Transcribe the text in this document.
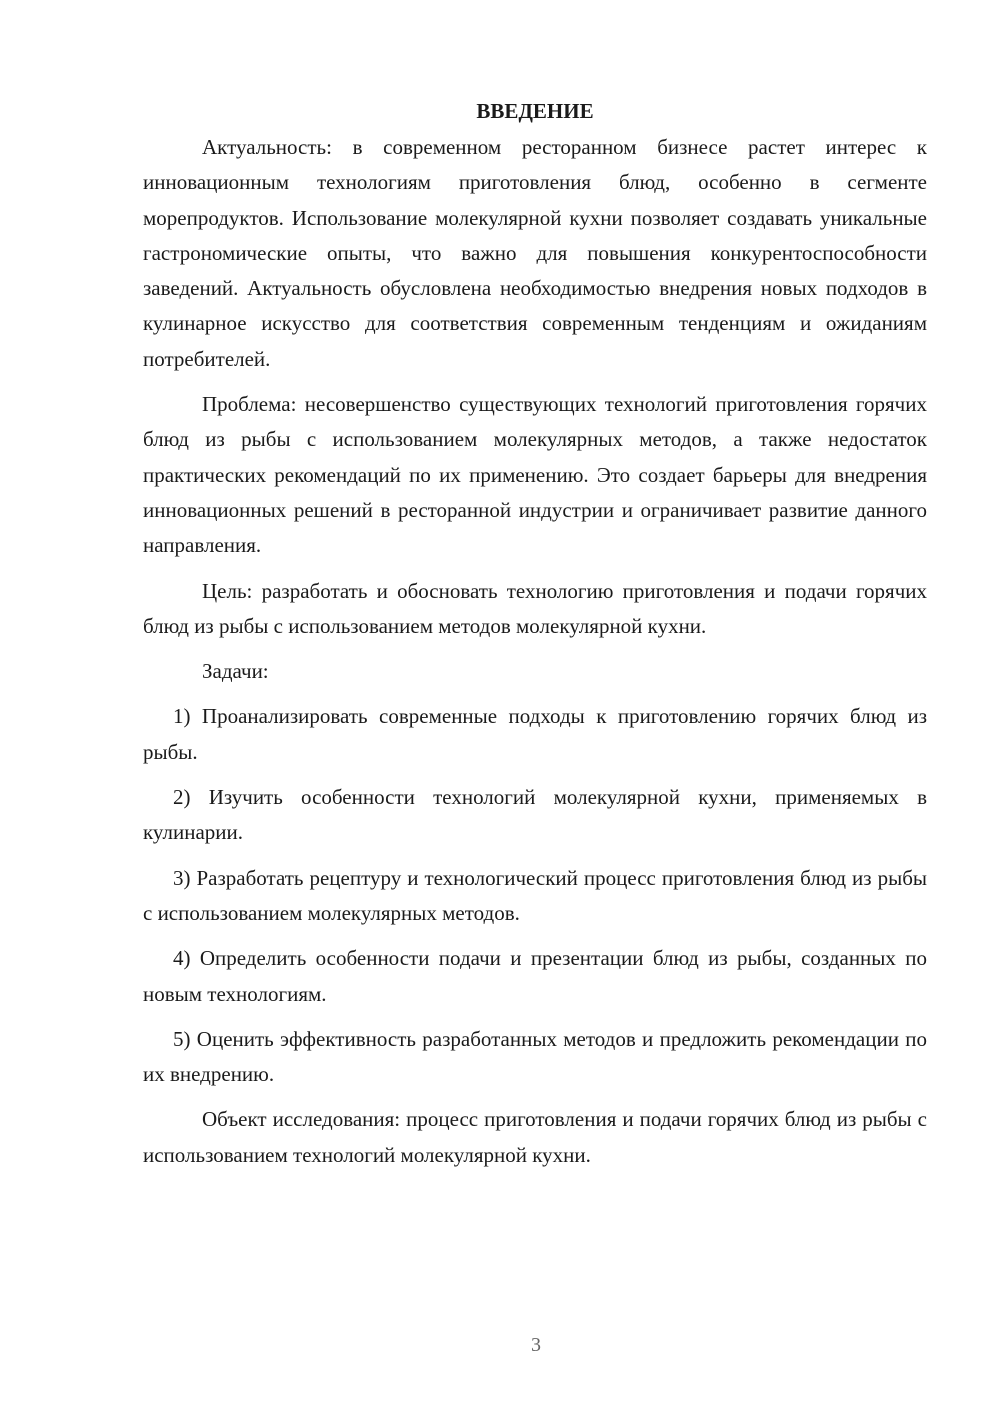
ВВЕДЕНИЕ

Актуальность: в современном ресторанном бизнесе растет интерес к инновационным технологиям приготовления блюд, особенно в сегменте морепродуктов. Использование молекулярной кухни позволяет создавать уникальные гастрономические опыты, что важно для повышения конкурентоспособности заведений. Актуальность обусловлена необходимостью внедрения новых подходов в кулинарное искусство для соответствия современным тенденциям и ожиданиям потребителей.

Проблема: несовершенство существующих технологий приготовления горячих блюд из рыбы с использованием молекулярных методов, а также недостаток практических рекомендаций по их применению. Это создает барьеры для внедрения инновационных решений в ресторанной индустрии и ограничивает развитие данного направления.

Цель: разработать и обосновать технологию приготовления и подачи горячих блюд из рыбы с использованием методов молекулярной кухни.

Задачи:

1) Проанализировать современные подходы к приготовлению горячих блюд из рыбы.

2) Изучить особенности технологий молекулярной кухни, применяемых в кулинарии.

3) Разработать рецептуру и технологический процесс приготовления блюд из рыбы с использованием молекулярных методов.

4) Определить особенности подачи и презентации блюд из рыбы, созданных по новым технологиям.

5) Оценить эффективность разработанных методов и предложить рекомендации по их внедрению.

Объект исследования: процесс приготовления и подачи горячих блюд из рыбы с использованием технологий молекулярной кухни.

3
